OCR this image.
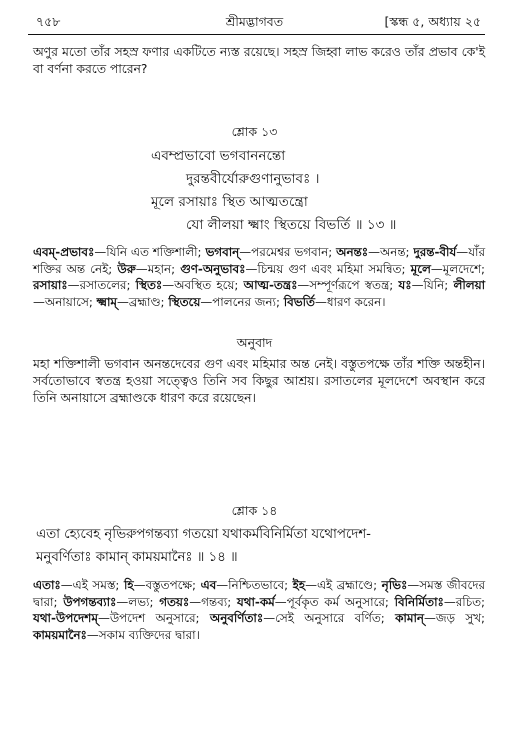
শ্রীমদ্ভাগবত
৭৫৮	[স্কন্ধ ৫, অধ্যায় ২৫

অণুর মতো তাঁর সহস্র ফণার একটিতে ন্যস্ত রয়েছে। সহস্র জিহ্বা লাভ করেও তাঁর প্রভাব কে'ই বা বর্ণনা করতে পারেন?

শ্লোক ১৩
এবম্প্রভাবো ভগবাননন্তো
দুরন্তবীর্যোরুগুণানুভাবঃ ।
মূলে রসায়াঃ স্থিত আত্মতন্ত্রো
যো লীলয়া ক্ষ্মাং স্থিতয়ে বিভর্তি ॥ ১৩ ॥
এবম্‌-প্রভাবঃ—যিনি এত শক্তিশালী; ভগবান্‌—পরমেশ্বর ভগবান; অনন্তঃ—অনন্ত; দুরন্ত-বীর্য—যাঁর শক্তির অন্ত নেই; উরু—মহান; গুণ-অনুভাবঃ—চিন্ময় গুণ এবং মহিমা সমন্বিত; মূলে—মূলদেশে; রসায়াঃ—রসাতলের; স্থিতঃ—অবস্থিত হয়ে; আত্ম-তন্ত্রঃ—সম্পূর্ণরূপে স্বতন্ত্র; যঃ—যিনি; লীলয়া—অনায়াসে; ক্ষ্মাম্‌—ব্রহ্মাণ্ড; স্থিতয়ে—পালনের জন্য; বিভর্তি—ধারণ করেন।
অনুবাদ

মহা শক্তিশালী ভগবান অনন্তদেবের গুণ এবং মহিমার অন্ত নেই। বস্তুতপক্ষে তাঁর শক্তি অন্তহীন। সর্বতোভাবে স্বতন্ত্র হওয়া সত্ত্বেও তিনি সব কিছুর আশ্রয়। রসাতলের মূলদেশে অবস্থান করে তিনি অনায়াসে ব্রহ্মাণ্ডকে ধারণ করে রয়েছেন।

শ্লোক ১৪
এতা হ্যেবেহ নৃভিরুপগন্তব্যা গতয়ো যথাকর্মবিনির্মিতা যথোপদেশ-
মনুবর্ণিতাঃ কামান্‌ কাময়মানৈঃ ॥ ১৪ ॥
এতাঃ—এই সমস্ত; হি—বস্তুতপক্ষে; এব—নিশ্চিতভাবে; ইহ—এই ব্রহ্মাণ্ডে; নৃভিঃ—সমস্ত জীবদের দ্বারা; উপগন্তব্যাঃ—লভ্য; গতয়ঃ—গন্তব্য; যথা-কর্ম—পূর্বকৃত কর্ম অনুসারে; বিনির্মিতাঃ—রচিত; যথা-উপদেশম্‌—উপদেশ অনুসারে; অনুবর্ণিতাঃ—সেই অনুসারে বর্ণিত; কামান্‌—জড় সুখ; কাময়মানৈঃ—সকাম ব্যক্তিদের দ্বারা।
